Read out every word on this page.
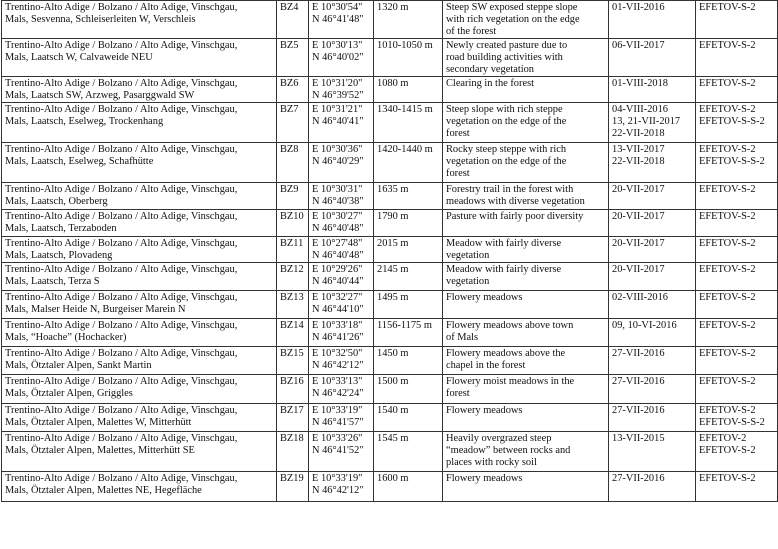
Trentino-Alto Adige / Bolzano / Alto Adige, Vinschgau,
Mals, Sesvenna, Schleiserleiten W, Verschleis	BZ4	E 10°30'54"
N 46°41'48"	1320 m	Steep SW exposed steppe slope
with rich vegetation on the edge
of the forest	01-VII-2016	EFETOV-S-2

Trentino-Alto Adige / Bolzano / Alto Adige, Vinschgau,
Mals, Laatsch W, Calvaweide NEU	BZ5	E 10°30'13"
N 46°40'02"	1010-1050 m	Newly created pasture due to
road building activities with
secondary vegetation	06-VII-2017	EFETOV-S-2

Trentino-Alto Adige / Bolzano / Alto Adige, Vinschgau,
Mals, Laatsch SW, Arzweg, Pasarggwald SW	BZ6	E 10°31'20"
N 46°39'52"	1080 m	Clearing in the forest	01-VIII-2018	EFETOV-S-2

Trentino-Alto Adige / Bolzano / Alto Adige, Vinschgau,
Mals, Laatsch, Eselweg, Trockenhang	BZ7	E 10°31'21"
N 46°40'41"	1340-1415 m	Steep slope with rich steppe
vegetation on the edge of the
forest	04-VIII-2016
13, 21-VII-2017
22-VII-2018	EFETOV-S-2
EFETOV-S-S-2

Trentino-Alto Adige / Bolzano / Alto Adige, Vinschgau,
Mals, Laatsch, Eselweg, Schafhütte	BZ8	E 10°30'36"
N 46°40'29"	1420-1440 m	Rocky steep steppe with rich
vegetation on the edge of the
forest	13-VII-2017
22-VII-2018	EFETOV-S-2
EFETOV-S-S-2

Trentino-Alto Adige / Bolzano / Alto Adige, Vinschgau,
Mals, Laatsch, Oberberg	BZ9	E 10°30'31"
N 46°40'38"	1635 m	Forestry trail in the forest with
meadows with diverse vegetation	20-VII-2017	EFETOV-S-2

Trentino-Alto Adige / Bolzano / Alto Adige, Vinschgau,
Mals, Laatsch, Terzaboden	BZ10	E 10°30'27"
N 46°40'48"	1790 m	Pasture with fairly poor diversity	20-VII-2017	EFETOV-S-2

Trentino-Alto Adige / Bolzano / Alto Adige, Vinschgau,
Mals, Laatsch, Plovadeng	BZ11	E 10°27'48"
N 46°40'48"	2015 m	Meadow with fairly diverse
vegetation	20-VII-2017	EFETOV-S-2

Trentino-Alto Adige / Bolzano / Alto Adige, Vinschgau,
Mals, Laatsch, Terza S	BZ12	E 10°29'26"
N 46°40'44"	2145 m	Meadow with fairly diverse
vegetation	20-VII-2017	EFETOV-S-2

Trentino-Alto Adige / Bolzano / Alto Adige, Vinschgau,
Mals, Malser Heide N, Burgeiser Marein N	BZ13	E 10°32'27"
N 46°44'10"	1495 m	Flowery meadows	02-VIII-2016	EFETOV-S-2

Trentino-Alto Adige / Bolzano / Alto Adige, Vinschgau,
Mals, “Hoache” (Hochacker)	BZ14	E 10°33'18"
N 46°41'26"	1156-1175 m	Flowery meadows above town
of Mals	09, 10-VI-2016	EFETOV-S-2

Trentino-Alto Adige / Bolzano / Alto Adige, Vinschgau,
Mals, Ötztaler Alpen, Sankt Martin	BZ15	E 10°32'50"
N 46°42'12"	1450 m	Flowery meadows above the
chapel in the forest	27-VII-2016	EFETOV-S-2

Trentino-Alto Adige / Bolzano / Alto Adige, Vinschgau,
Mals, Ötztaler Alpen, Griggles	BZ16	E 10°33'13"
N 46°42'24"	1500 m	Flowery moist meadows in the
forest	27-VII-2016	EFETOV-S-2

Trentino-Alto Adige / Bolzano / Alto Adige, Vinschgau,
Mals, Ötztaler Alpen, Malettes W, Mitterhütt	BZ17	E 10°33'19"
N 46°41'57"	1540 m	Flowery meadows	27-VII-2016	EFETOV-S-2
EFETOV-S-S-2

Trentino-Alto Adige / Bolzano / Alto Adige, Vinschgau,
Mals, Ötztaler Alpen, Malettes, Mitterhütt SE	BZ18	E 10°33'26"
N 46°41'52"	1545 m	Heavily overgrazed steep
“meadow” between rocks and
places with rocky soil	13-VII-2015	EFETOV-2
EFETOV-S-2

Trentino-Alto Adige / Bolzano / Alto Adige, Vinschgau,
Mals, Ötztaler Alpen, Malettes NE, Hegefläche	BZ19	E 10°33'19"
N 46°42'12"	1600 m	Flowery meadows	27-VII-2016	EFETOV-S-2
